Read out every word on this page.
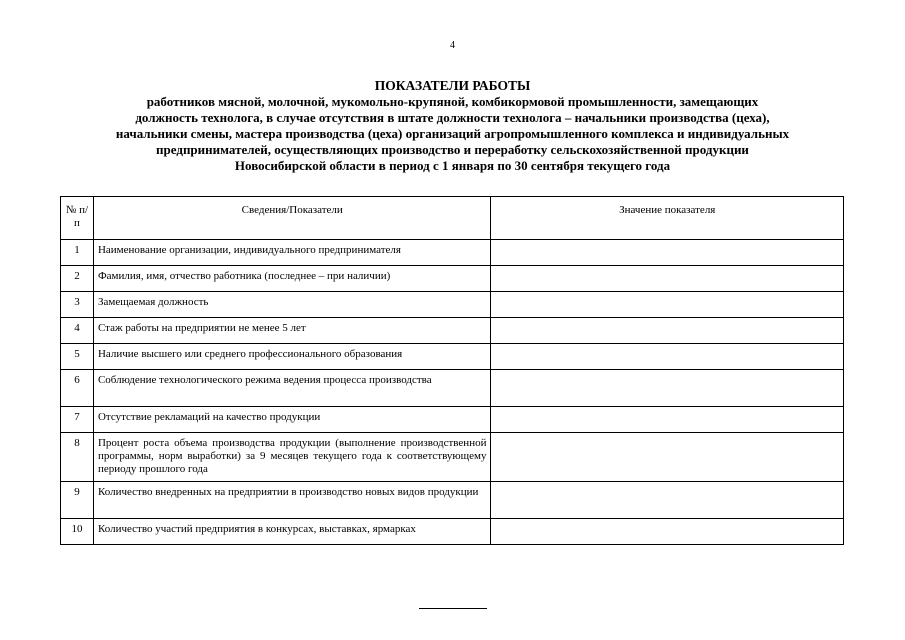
4
ПОКАЗАТЕЛИ РАБОТЫ
работников мясной, молочной, мукомольно-крупяной, комбикормовой промышленности, замещающих
должность технолога, в случае отсутствия в штате должности технолога – начальники производства (цеха),
начальники смены, мастера производства (цеха) организаций агропромышленного комплекса и индивидуальных
предпринимателей, осуществляющих производство и переработку сельскохозяйственной продукции
Новосибирской области в период с 1 января по 30 сентября текущего года
№ п/п	Сведения/Показатели	Значение показателя
1	Наименование организации, индивидуального предпринимателя	
2	Фамилия, имя, отчество работника (последнее – при наличии)	
3	Замещаемая должность	
4	Стаж работы на предприятии не менее 5 лет	
5	Наличие высшего или среднего профессионального образования	
6	Соблюдение технологического режима ведения процесса производства	
7	Отсутствие рекламаций на качество продукции	
8	Процент роста объема производства продукции (выполнение производственной программы, норм выработки) за 9 месяцев текущего года к соответствующему периоду прошлого года	
9	Количество внедренных на предприятии в производство новых видов продукции	
10	Количество участий предприятия в конкурсах, выставках, ярмарках	
